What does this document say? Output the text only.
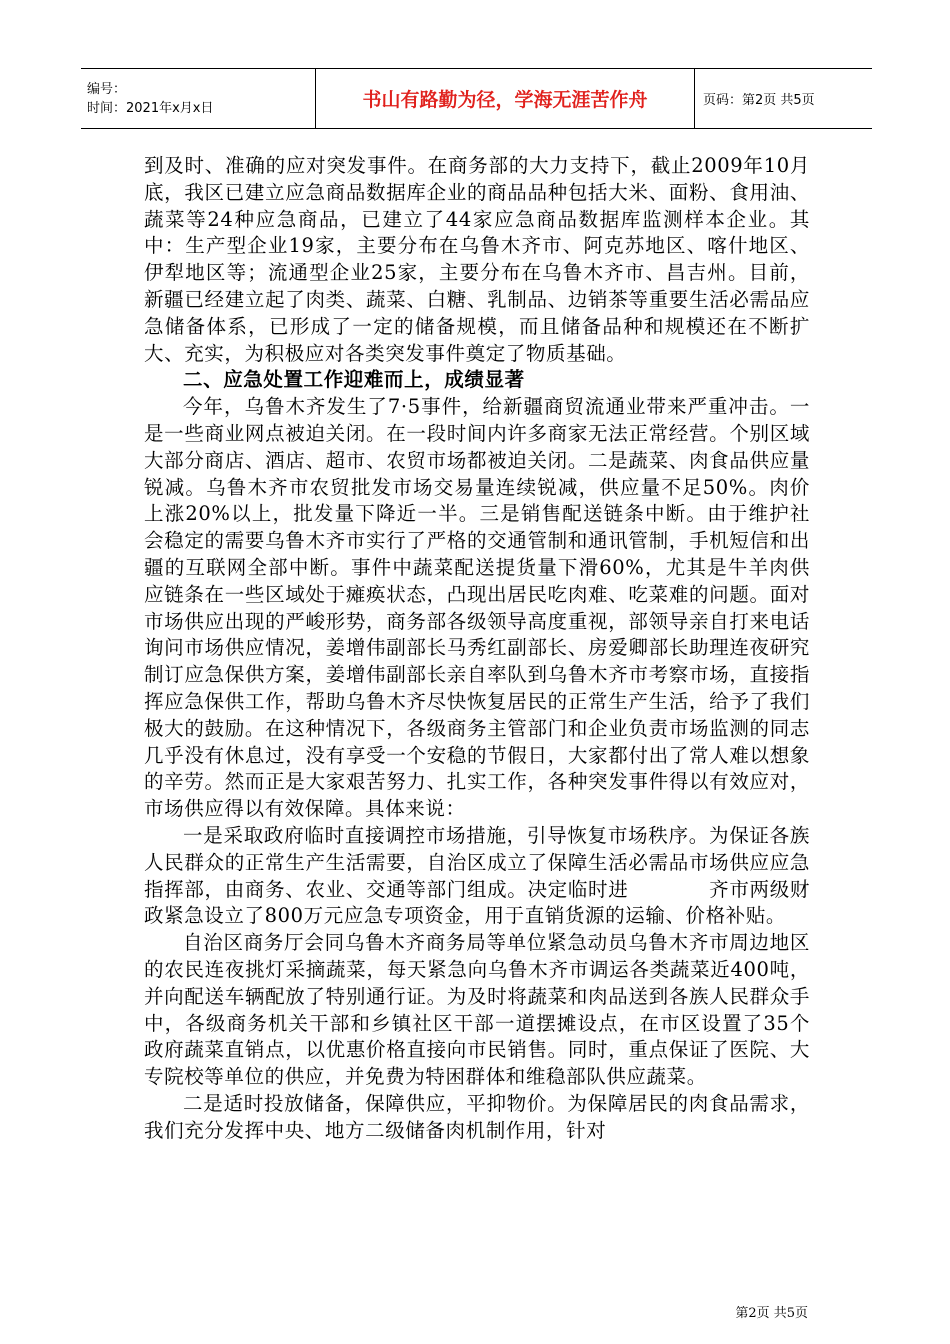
编号：
时间：2021年x月x日	书山有路勤为径，学海无涯苦作舟	页码：第2页 共5页

到及时、准确的应对突发事件。在商务部的大力支持下，截止2009年10月底，我区已建立应急商品数据库企业的商品品种包括大米、面粉、食用油、蔬菜等24种应急商品，已建立了44家应急商品数据库监测样本企业。其中：生产型企业19家，主要分布在乌鲁木齐市、阿克苏地区、喀什地区、伊犁地区等；流通型企业25家，主要分布在乌鲁木齐市、昌吉州。目前，新疆已经建立起了肉类、蔬菜、白糖、乳制品、边销茶等重要生活必需品应急储备体系，已形成了一定的储备规模，而且储备品种和规模还在不断扩大、充实，为积极应对各类突发事件奠定了物质基础。

二、应急处置工作迎难而上，成绩显著

今年，乌鲁木齐发生了7·5事件，给新疆商贸流通业带来严重冲击。一是一些商业网点被迫关闭。在一段时间内许多商家无法正常经营。个别区域大部分商店、酒店、超市、农贸市场都被迫关闭。二是蔬菜、肉食品供应量锐减。乌鲁木齐市农贸批发市场交易量连续锐减，供应量不足50%。肉价上涨20%以上，批发量下降近一半。三是销售配送链条中断。由于维护社会稳定的需要乌鲁木齐市实行了严格的交通管制和通讯管制，手机短信和出疆的互联网全部中断。事件中蔬菜配送提货量下滑60%，尤其是牛羊肉供应链条在一些区域处于瘫痪状态，凸现出居民吃肉难、吃菜难的问题。面对市场供应出现的严峻形势，商务部各级领导高度重视，部领导亲自打来电话询问市场供应情况，姜增伟副部长马秀红副部长、房爱卿部长助理连夜研究制订应急保供方案，姜增伟副部长亲自率队到乌鲁木齐市考察市场，直接指挥应急保供工作，帮助乌鲁木齐尽快恢复居民的正常生产生活，给予了我们极大的鼓励。在这种情况下，各级商务主管部门和企业负责市场监测的同志几乎没有休息过，没有享受一个安稳的节假日，大家都付出了常人难以想象的辛劳。然而正是大家艰苦努力、扎实工作，各种突发事件得以有效应对，市场供应得以有效保障。具体来说：

一是采取政府临时直接调控市场措施，引导恢复市场秩序。为保证各族人民群众的正常生产生活需要，自治区成立了保障生活必需品市场供应应急指挥部，由商务、农业、交通等部门组成。决定临时进　　　　齐市两级财政紧急设立了800万元应急专项资金，用于直销货源的运输、价格补贴。

自治区商务厅会同乌鲁木齐商务局等单位紧急动员乌鲁木齐市周边地区的农民连夜挑灯采摘蔬菜，每天紧急向乌鲁木齐市调运各类蔬菜近400吨，并向配送车辆配放了特别通行证。为及时将蔬菜和肉品送到各族人民群众手中，各级商务机关干部和乡镇社区干部一道摆摊设点，在市区设置了35个政府蔬菜直销点，以优惠价格直接向市民销售。同时，重点保证了医院、大专院校等单位的供应，并免费为特困群体和维稳部队供应蔬菜。

二是适时投放储备，保障供应，平抑物价。为保障居民的肉食品需求，我们充分发挥中央、地方二级储备肉机制作用，针对

第2页 共5页
